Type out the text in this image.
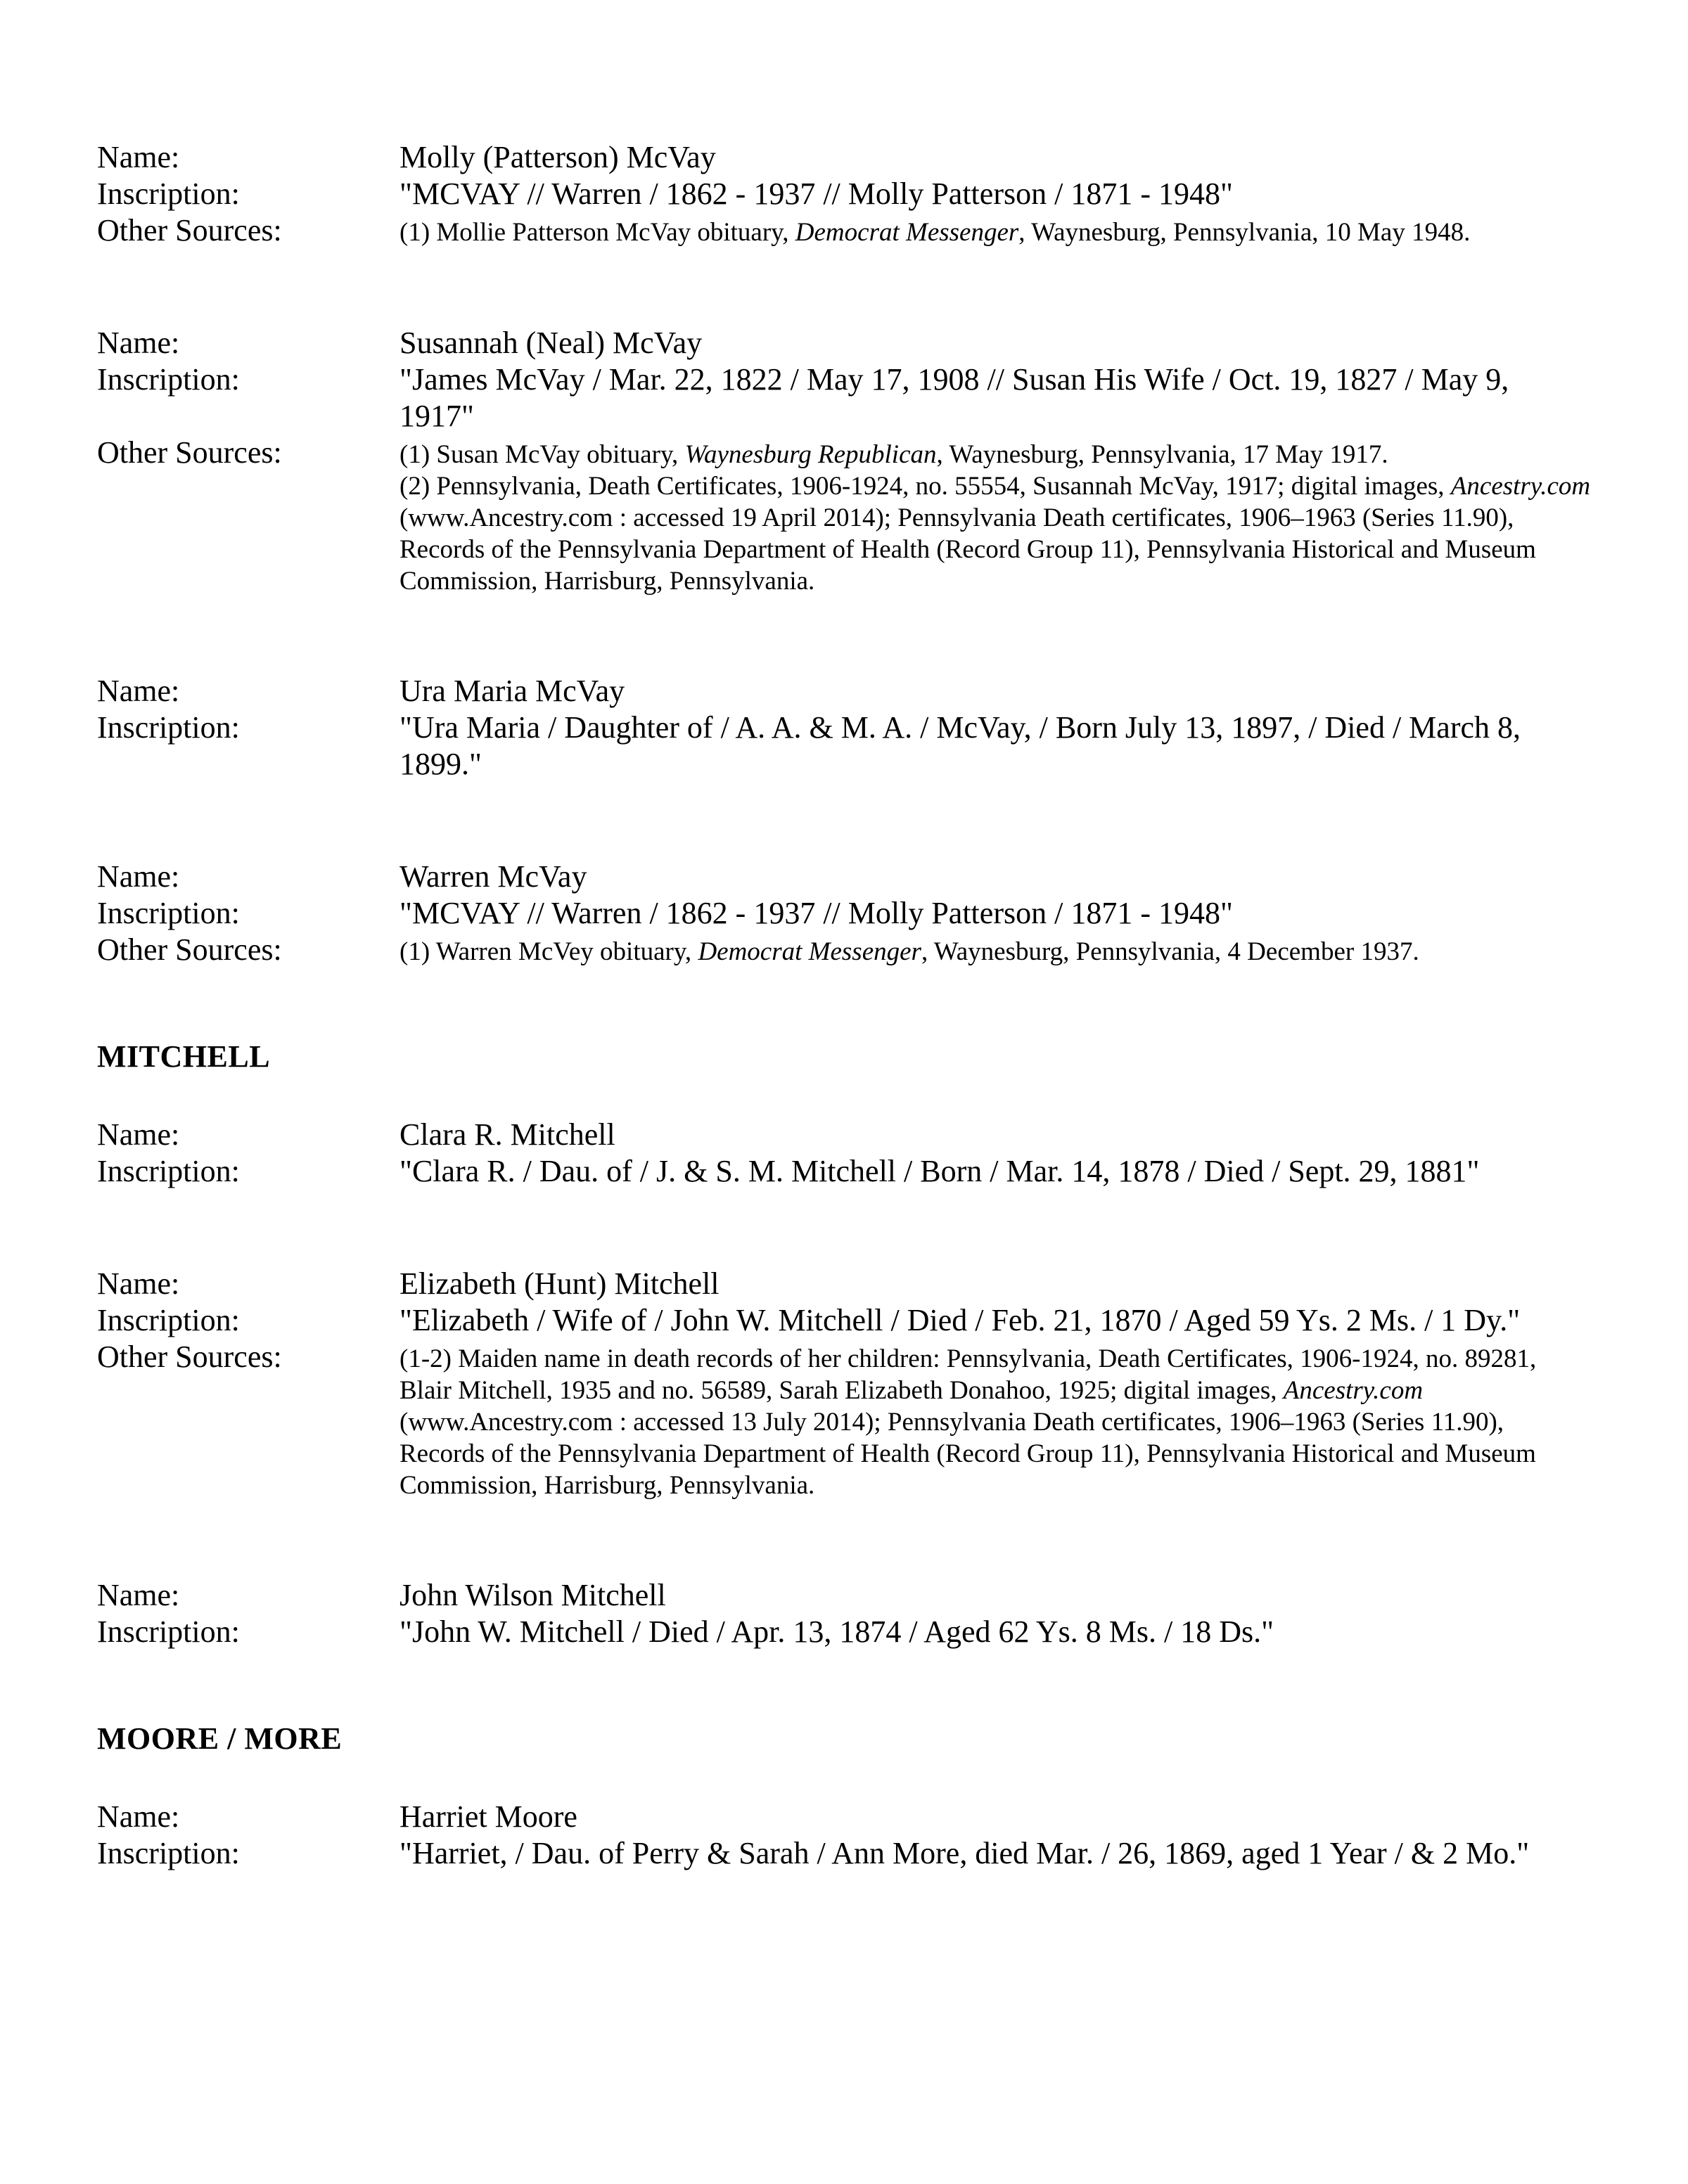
Name:	Molly (Patterson) McVay
Inscription:	"MCVAY // Warren / 1862 - 1937 // Molly Patterson / 1871 - 1948"
Other Sources:	(1) Mollie Patterson McVay obituary, Democrat Messenger, Waynesburg, Pennsylvania, 10 May 1948.

Name:	Susannah (Neal) McVay
Inscription:	"James McVay / Mar. 22, 1822 / May 17, 1908 // Susan His Wife / Oct. 19, 1827 / May 9, 1917"
Other Sources:	(1) Susan McVay obituary, Waynesburg Republican, Waynesburg, Pennsylvania, 17 May 1917.

(2) Pennsylvania, Death Certificates, 1906-1924, no. 55554, Susannah McVay, 1917; digital images, Ancestry.com (www.Ancestry.com : accessed 19 April 2014); Pennsylvania Death certificates, 1906–1963 (Series 11.90), Records of the Pennsylvania Department of Health (Record Group 11), Pennsylvania Historical and Museum Commission, Harrisburg, Pennsylvania.

Name:	Ura Maria McVay
Inscription:	"Ura Maria / Daughter of / A. A. & M. A. / McVay, / Born July 13, 1897, / Died / March 8, 1899."
Name:	Warren McVay
Inscription:	"MCVAY // Warren / 1862 - 1937 // Molly Patterson / 1871 - 1948"
Other Sources:	(1) Warren McVey obituary, Democrat Messenger, Waynesburg, Pennsylvania, 4 December 1937.

MITCHELL
Name:	Clara R. Mitchell
Inscription:	"Clara R. / Dau. of / J. & S. M. Mitchell / Born / Mar. 14, 1878 / Died / Sept. 29, 1881"
Name:	Elizabeth (Hunt) Mitchell
Inscription:	"Elizabeth / Wife of / John W. Mitchell / Died / Feb. 21, 1870 / Aged 59 Ys. 2 Ms. / 1 Dy."
Other Sources:	(1-2) Maiden name in death records of her children: Pennsylvania, Death Certificates, 1906-1924, no. 89281, Blair Mitchell, 1935 and no. 56589, Sarah Elizabeth Donahoo, 1925; digital images, Ancestry.com (www.Ancestry.com : accessed 13 July 2014); Pennsylvania Death certificates, 1906–1963 (Series 11.90), Records of the Pennsylvania Department of Health (Record Group 11), Pennsylvania Historical and Museum Commission, Harrisburg, Pennsylvania.

Name:	John Wilson Mitchell
Inscription:	"John W. Mitchell / Died / Apr. 13, 1874 / Aged 62 Ys. 8 Ms. / 18 Ds."
MOORE / MORE
Name:	Harriet Moore
Inscription:	"Harriet, / Dau. of Perry & Sarah / Ann More, died Mar. / 26, 1869, aged 1 Year / & 2 Mo."
